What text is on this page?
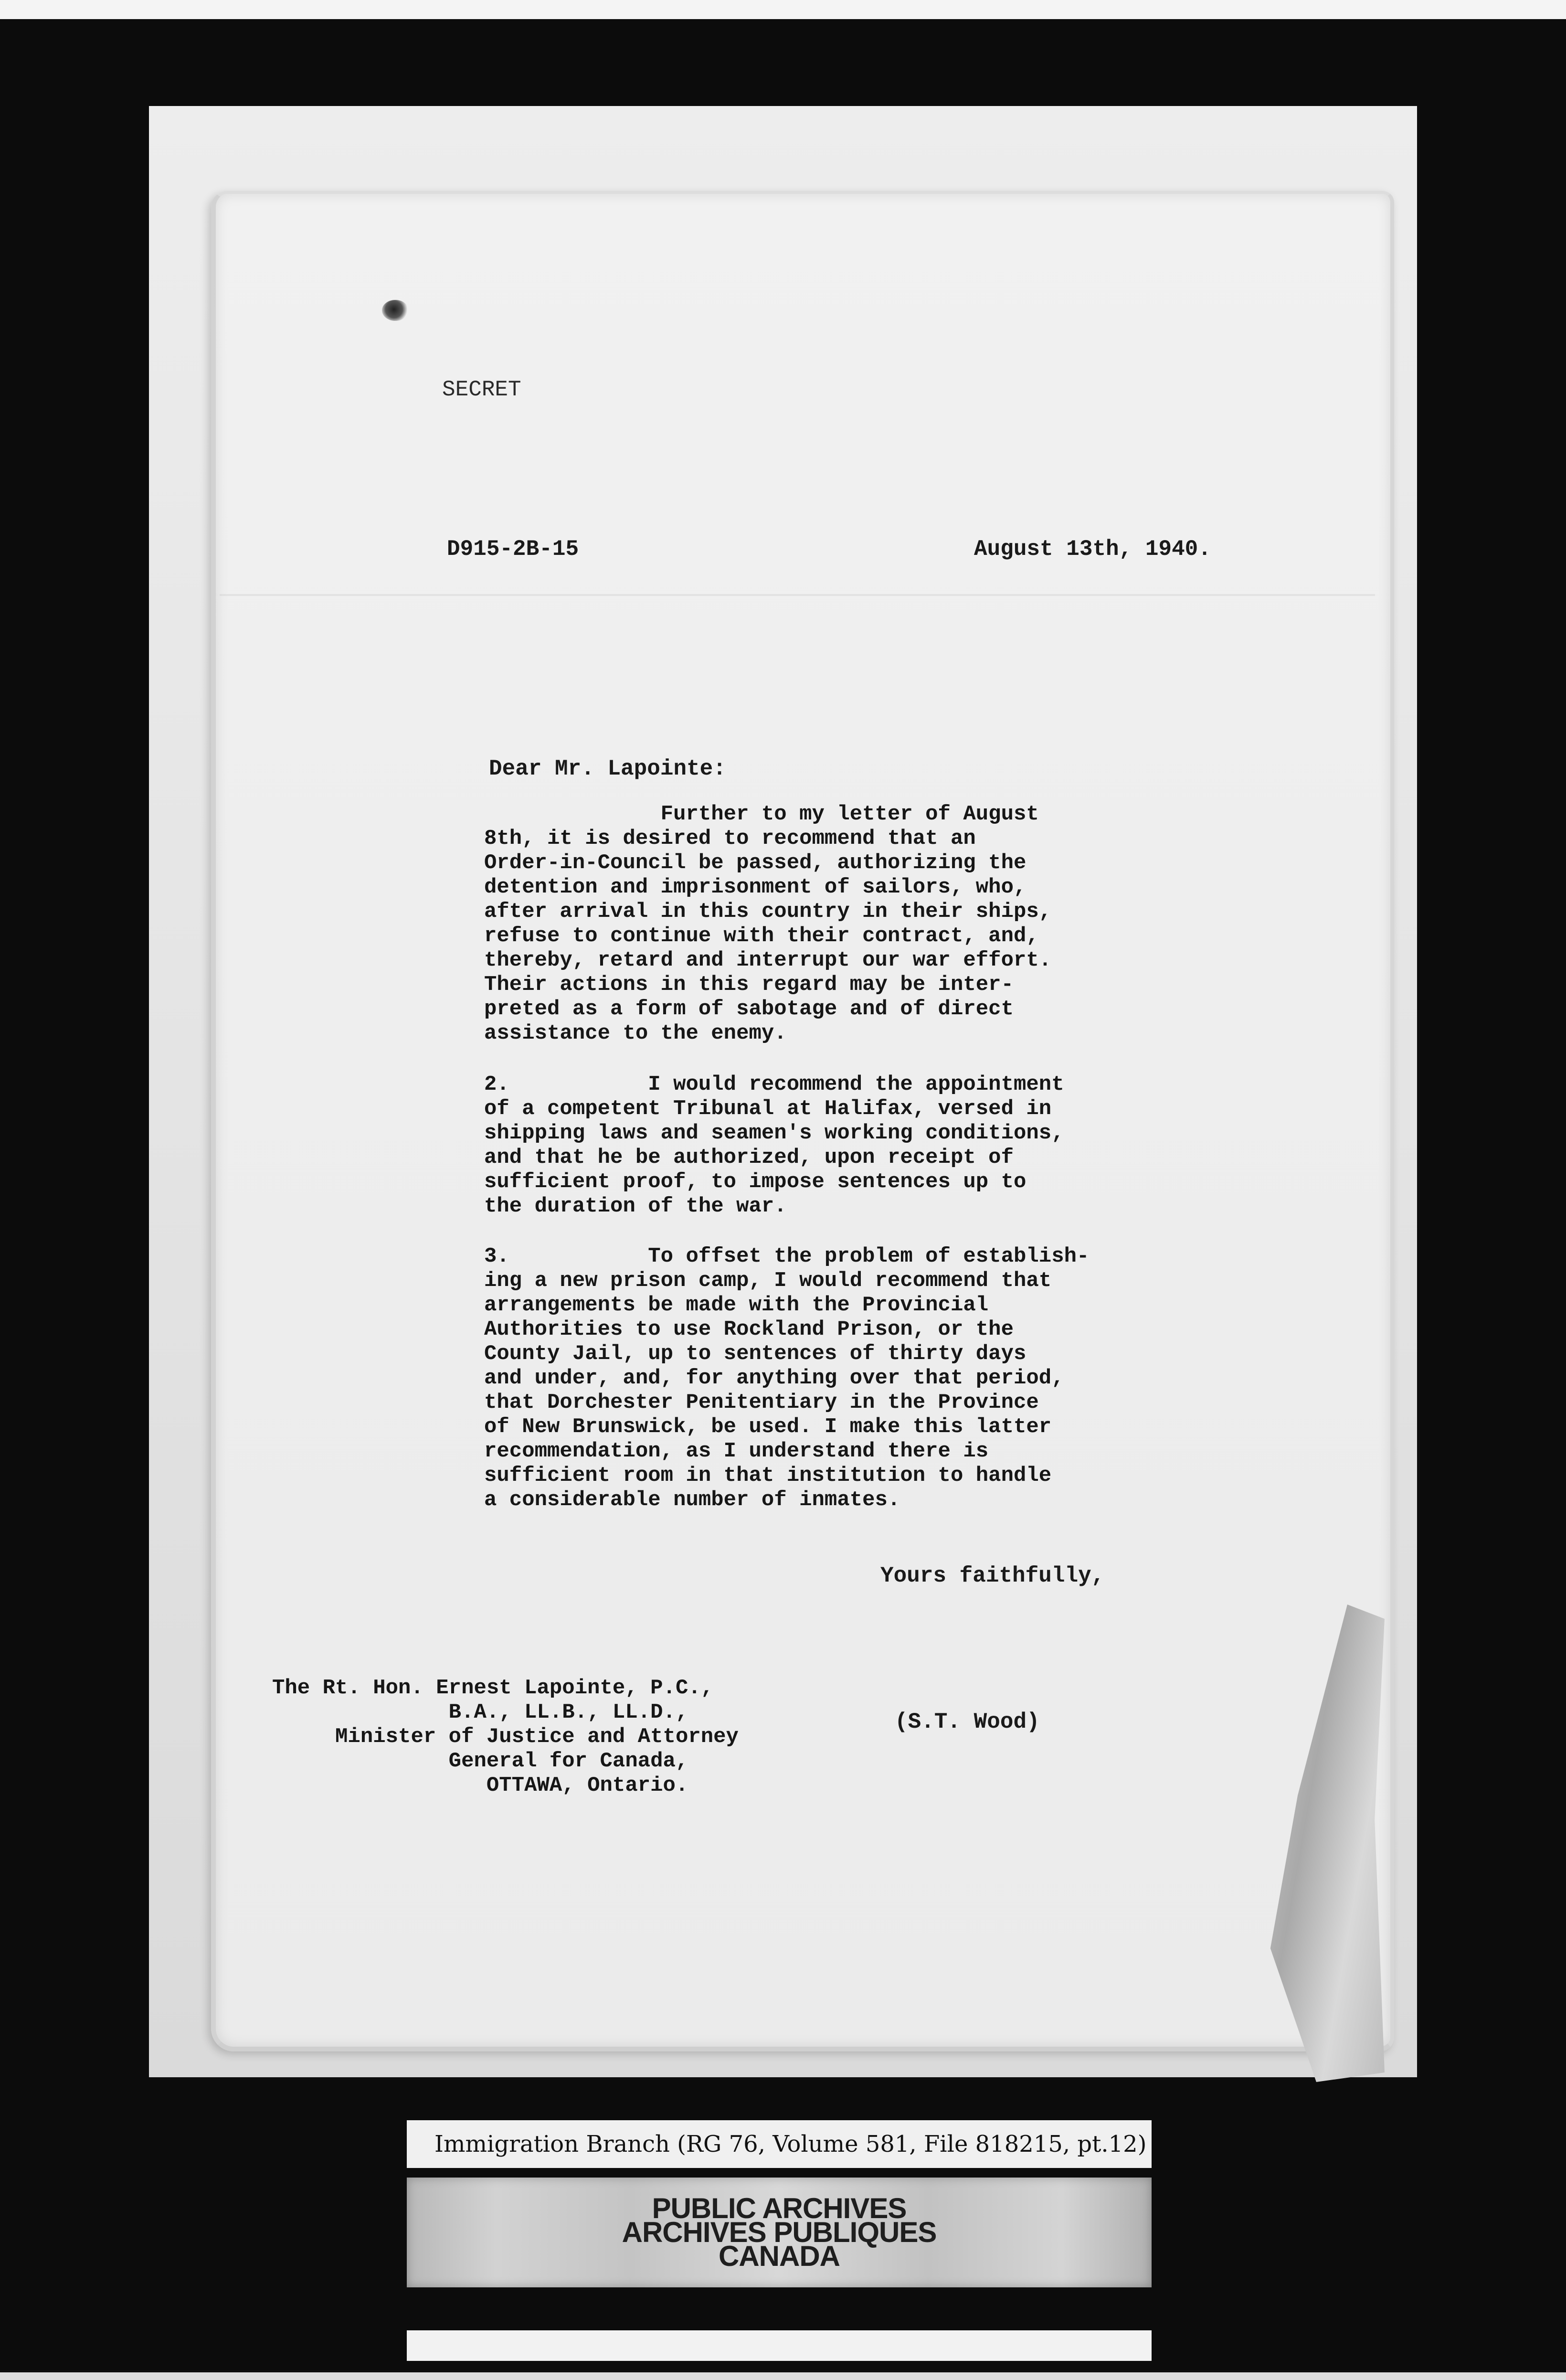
SECRET
D915-2B-15	August 13th, 1940.
Dear Mr. Lapointe:
Further to my letter of August
8th, it is desired to recommend that an
Order-in-Council be passed, authorizing the
detention and imprisonment of sailors, who,
after arrival in this country in their ships,
refuse to continue with their contract, and,
thereby, retard and interrupt our war effort.
Their actions in this regard may be inter-
preted as a form of sabotage and of direct
assistance to the enemy.
2.           I would recommend the appointment
of a competent Tribunal at Halifax, versed in
shipping laws and seamen's working conditions,
and that he be authorized, upon receipt of
sufficient proof, to impose sentences up to
the duration of the war.
3.           To offset the problem of establish-
ing a new prison camp, I would recommend that
arrangements be made with the Provincial
Authorities to use Rockland Prison, or the
County Jail, up to sentences of thirty days
and under, and, for anything over that period,
that Dorchester Penitentiary in the Province
of New Brunswick, be used. I make this latter
recommendation, as I understand there is
sufficient room in that institution to handle
a considerable number of inmates.
Yours faithfully,
The Rt. Hon. Ernest Lapointe, P.C.,
B.A., LL.B., LL.D.,
Minister of Justice and Attorney
General for Canada,
OTTAWA, Ontario.
(S.T. Wood)
Immigration Branch (RG 76, Volume 581, File 818215, pt.12)
PUBLIC ARCHIVES
ARCHIVES PUBLIQUES
CANADA
